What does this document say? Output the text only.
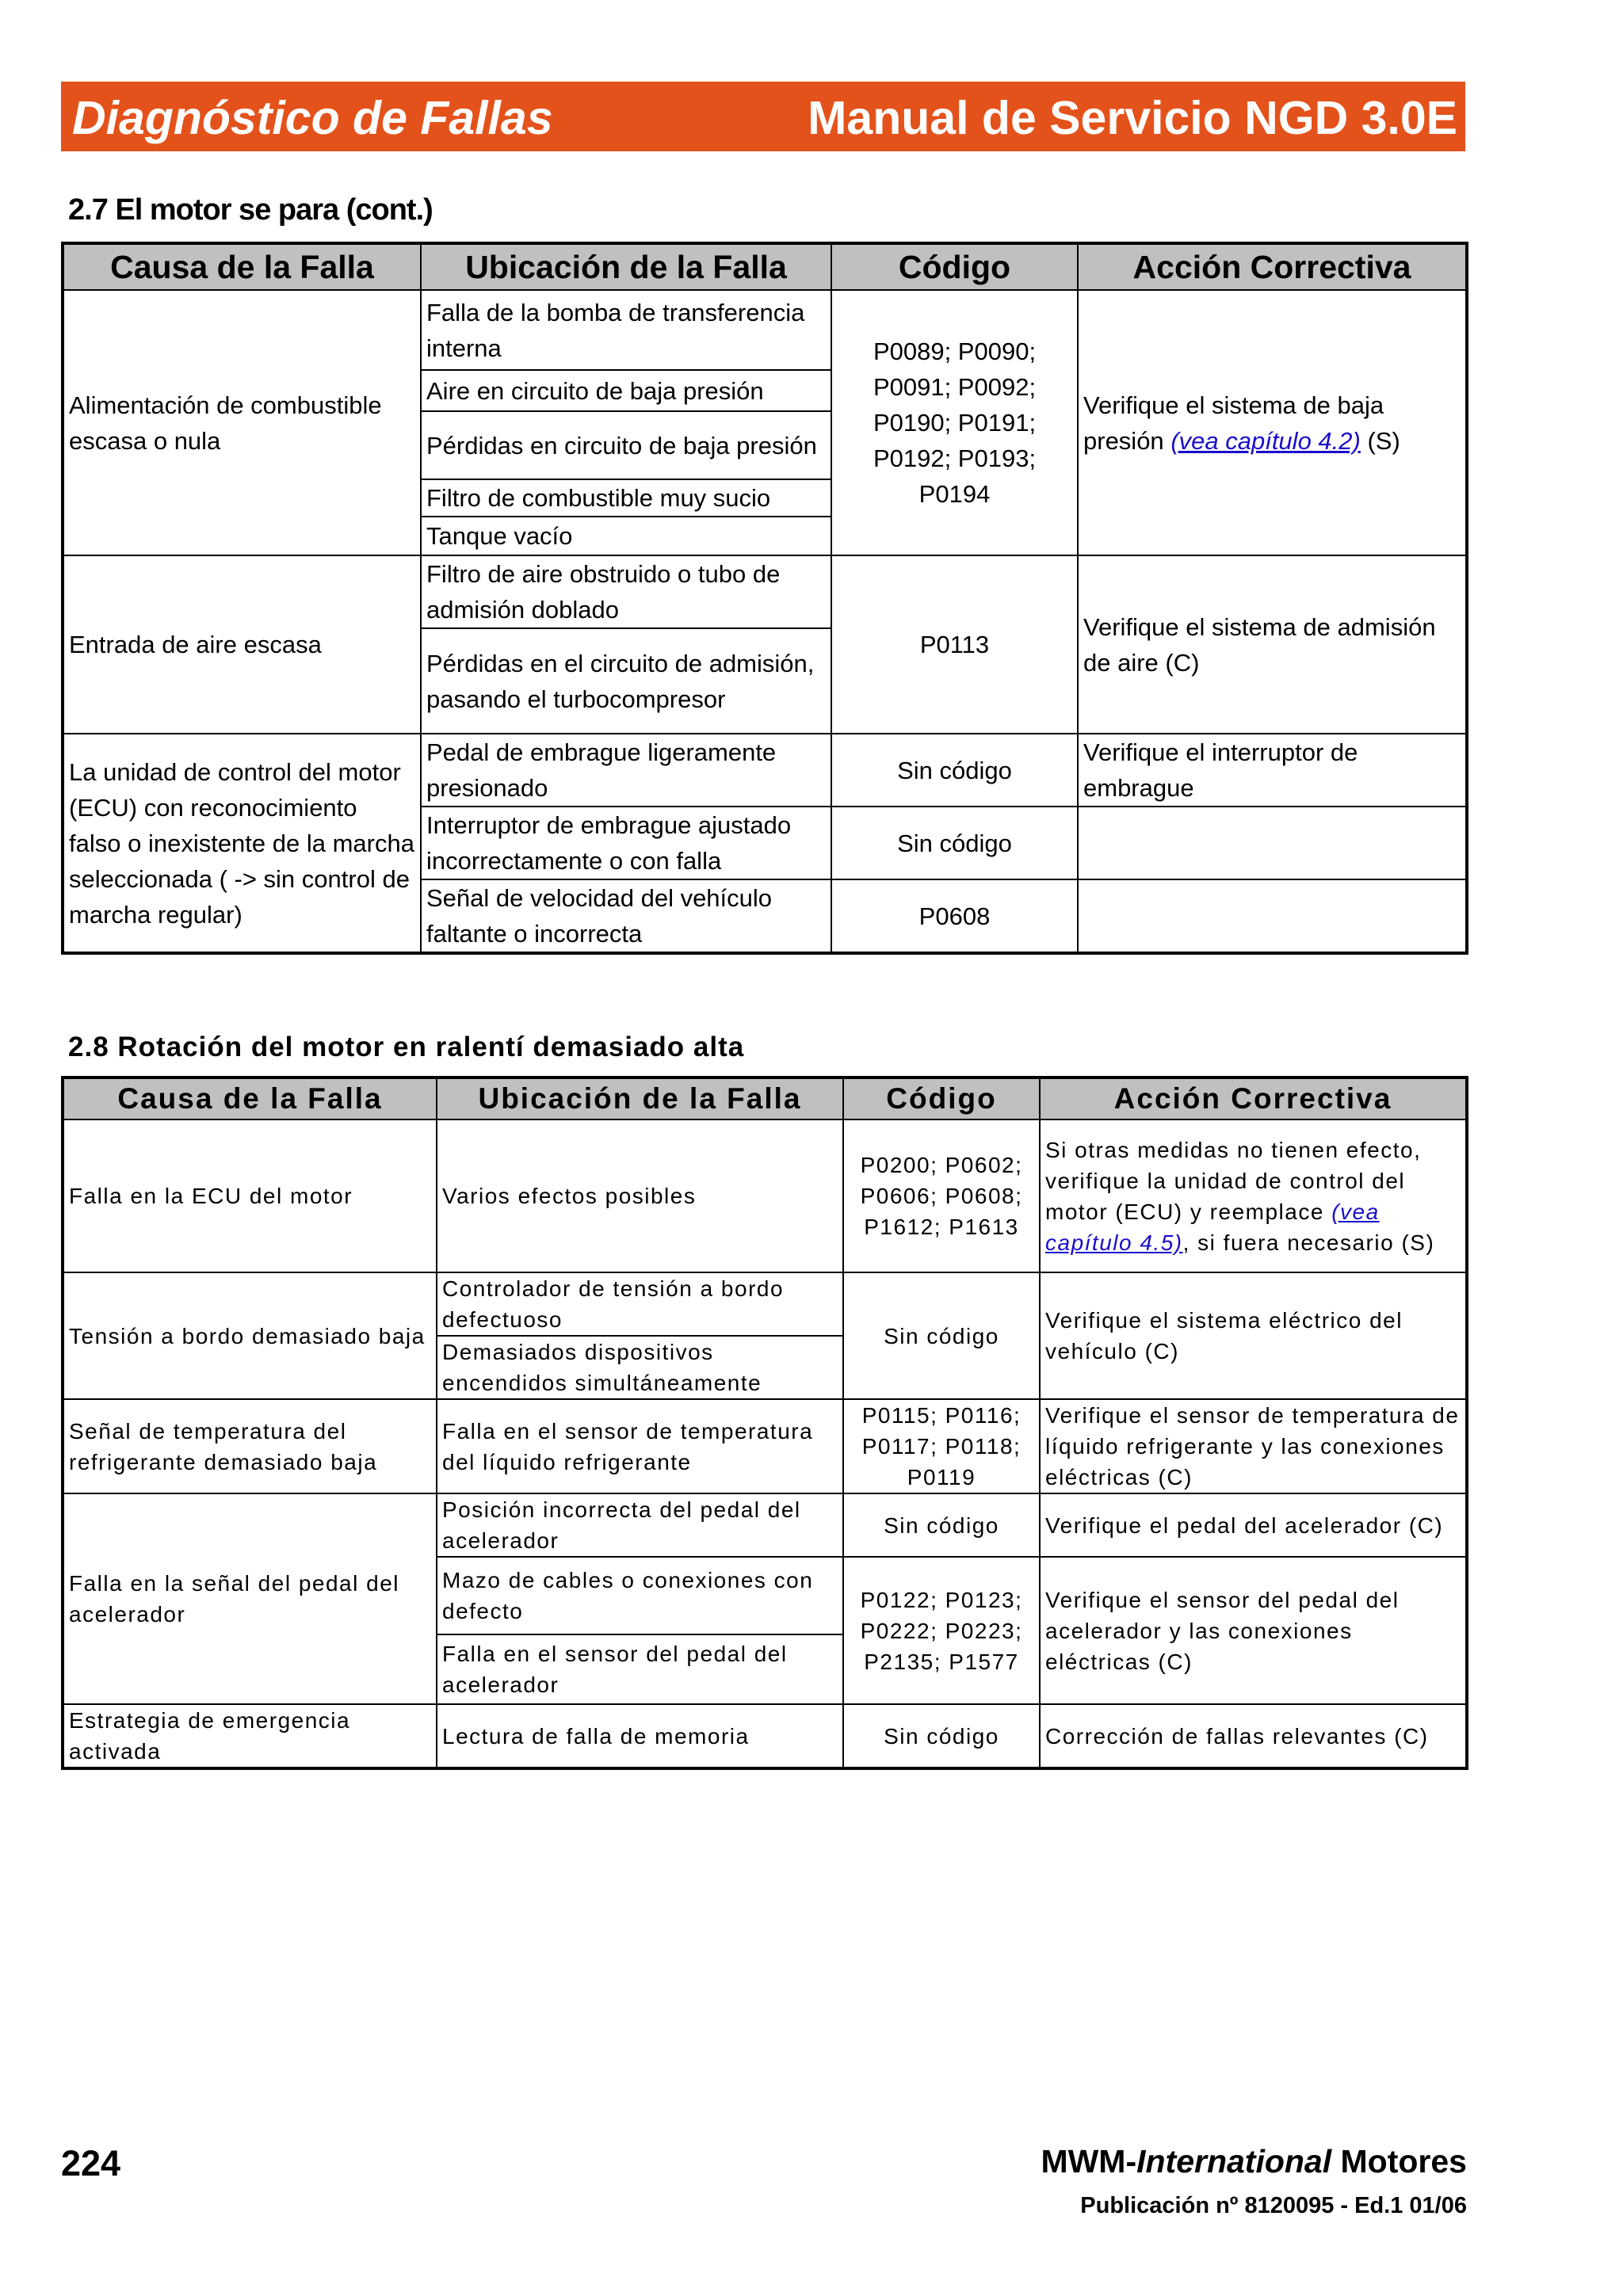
Diagnóstico de Fallas	Manual de Servicio NGD 3.0E
2.7 El motor se para (cont.)
Causa de la Falla	Ubicación de la Falla	Código	Acción Correctiva
Alimentación de combustible escasa o nula	Falla de la bomba de transferencia interna	P0089; P0090; P0091; P0092; P0190; P0191; P0192; P0193; P0194	Verifique el sistema de baja presión (vea capítulo 4.2) (S)
	Aire en circuito de baja presión		
	Pérdidas en circuito de baja presión		
	Filtro de combustible muy sucio		
	Tanque vacío		
Entrada de aire escasa	Filtro de aire obstruido o tubo de admisión doblado	P0113	Verifique el sistema de admisión de aire (C)
	Pérdidas en el circuito de admisión, pasando el turbocompresor		
La unidad de control del motor (ECU) con reconocimiento falso o inexistente de la marcha seleccionada ( -> sin control de marcha regular)	Pedal de embrague ligeramente presionado	Sin código	Verifique el interruptor de embrague
	Interruptor de embrague ajustado incorrectamente o con falla	Sin código	
	Señal de velocidad del vehículo faltante o incorrecta	P0608	
2.8 Rotación del motor en ralentí demasiado alta
Causa de la Falla	Ubicación de la Falla	Código	Acción Correctiva
Falla en la ECU del motor	Varios efectos posibles	P0200; P0602; P0606; P0608; P1612; P1613	Si otras medidas no tienen efecto, verifique la unidad de control del motor (ECU) y reemplace (vea capítulo 4.5), si fuera necesario (S)
Tensión a bordo demasiado baja	Controlador de tensión a bordo defectuoso	Sin código	Verifique el sistema eléctrico del vehículo (C)
	Demasiados dispositivos encendidos simultáneamente		
Señal de temperatura del refrigerante demasiado baja	Falla en el sensor de temperatura del líquido refrigerante	P0115; P0116; P0117; P0118; P0119	Verifique el sensor de temperatura de líquido refrigerante y las conexiones eléctricas (C)
Falla en la señal del pedal del acelerador	Posición incorrecta del pedal del acelerador	Sin código	Verifique el pedal del acelerador (C)
	Mazo de cables o conexiones con defecto	P0122; P0123; P0222; P0223; P2135; P1577	Verifique el sensor del pedal del acelerador y las conexiones eléctricas (C)
	Falla en el sensor del pedal del acelerador		
Estrategia de emergencia activada	Lectura de falla de memoria	Sin código	Corrección de fallas relevantes (C)
224	MWM-International Motores
Publicación nº 8120095 - Ed.1 01/06
